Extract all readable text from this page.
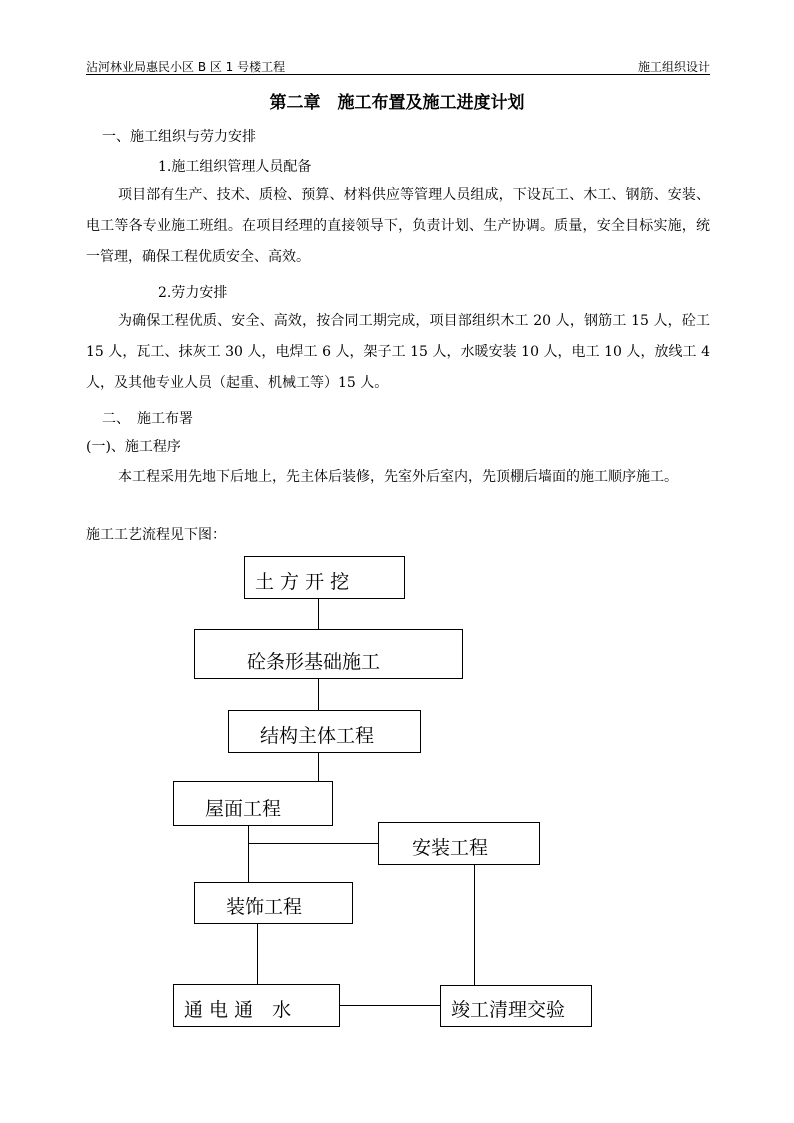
沾河林业局惠民小区 B 区 1 号楼工程	施工组织设计
第二章　施工布置及施工进度计划
一、施工组织与劳力安排
1.施工组织管理人员配备
项目部有生产、技术、质检、预算、材料供应等管理人员组成，下设瓦工、木工、钢筋、安装、电工等各专业施工班组。在项目经理的直接领导下，负责计划、生产协调。质量，安全目标实施，统一管理，确保工程优质安全、高效。
2.劳力安排
为确保工程优质、安全、高效，按合同工期完成，项目部组织木工 20 人，钢筋工 15 人，砼工 15 人，瓦工、抹灰工 30 人，电焊工 6 人，架子工 15 人，水暖安装 10 人，电工 10 人，放线工 4 人，及其他专业人员（起重、机械工等）15 人。
二、　施工布署
(一)、施工程序
本工程采用先地下后地上，先主体后装修，先室外后室内，先顶棚后墙面的施工顺序施工。
施工工艺流程见下图：
土 方 开 挖
砼条形基础施工
结构主体工程
屋面工程
安装工程
装饰工程
通 电 通　水	竣工清理交验
